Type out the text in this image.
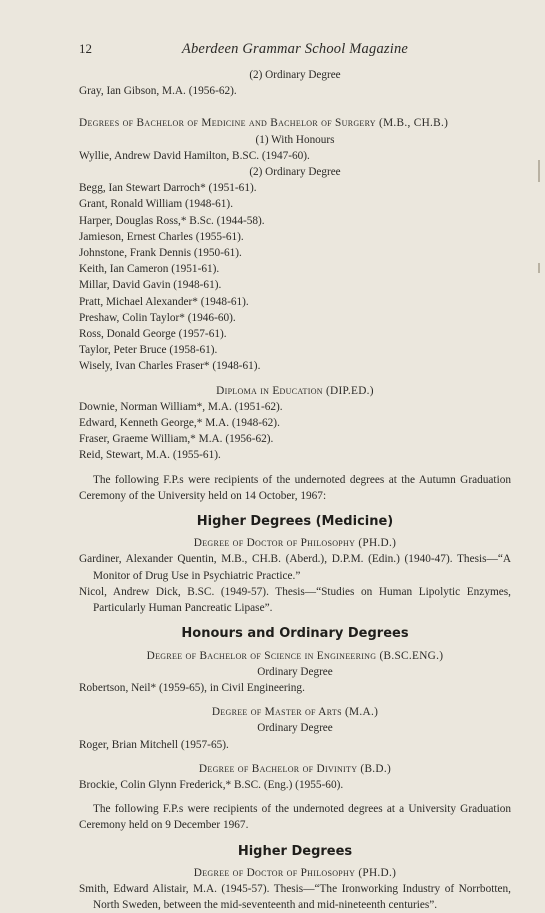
12	Aberdeen Grammar School Magazine
(2) Ordinary Degree
Gray, Ian Gibson, M.A. (1956-62).
Degrees of Bachelor of Medicine and Bachelor of Surgery (M.B., CH.B.)
(1) With Honours
Wyllie, Andrew David Hamilton, B.SC. (1947-60).
(2) Ordinary Degree
Begg, Ian Stewart Darroch* (1951-61).
Grant, Ronald William (1948-61).
Harper, Douglas Ross,* B.Sc. (1944-58).
Jamieson, Ernest Charles (1955-61).
Johnstone, Frank Dennis (1950-61).
Keith, Ian Cameron (1951-61).
Millar, David Gavin (1948-61).
Pratt, Michael Alexander* (1948-61).
Preshaw, Colin Taylor* (1946-60).
Ross, Donald George (1957-61).
Taylor, Peter Bruce (1958-61).
Wisely, Ivan Charles Fraser* (1948-61).
Diploma in Education (DIP.ED.)
Downie, Norman William*, M.A. (1951-62).
Edward, Kenneth George,* M.A. (1948-62).
Fraser, Graeme William,* M.A. (1956-62).
Reid, Stewart, M.A. (1955-61).
The following F.P.s were recipients of the undernoted degrees at the Autumn Graduation Ceremony of the University held on 14 October, 1967:
Higher Degrees (Medicine)
Degree of Doctor of Philosophy (PH.D.)
Gardiner, Alexander Quentin, M.B., CH.B. (Aberd.), D.P.M. (Edin.) (1940-47). Thesis—“A Monitor of Drug Use in Psychiatric Practice.”
Nicol, Andrew Dick, B.SC. (1949-57). Thesis—“Studies on Human Lipolytic Enzymes, Particularly Human Pancreatic Lipase”.
Honours and Ordinary Degrees
Degree of Bachelor of Science in Engineering (B.SC.ENG.)
Ordinary Degree
Robertson, Neil* (1959-65), in Civil Engineering.
Degree of Master of Arts (M.A.)
Ordinary Degree
Roger, Brian Mitchell (1957-65).
Degree of Bachelor of Divinity (B.D.)
Brockie, Colin Glynn Frederick,* B.SC. (Eng.) (1955-60).
The following F.P.s were recipients of the undernoted degrees at a University Graduation Ceremony held on 9 December 1967.
Higher Degrees
Degree of Doctor of Philosophy (PH.D.)
Smith, Edward Alistair, M.A. (1945-57). Thesis—“The Ironworking Industry of Norrbotten, North Sweden, between the mid-seventeenth and mid-nineteenth centuries”.
